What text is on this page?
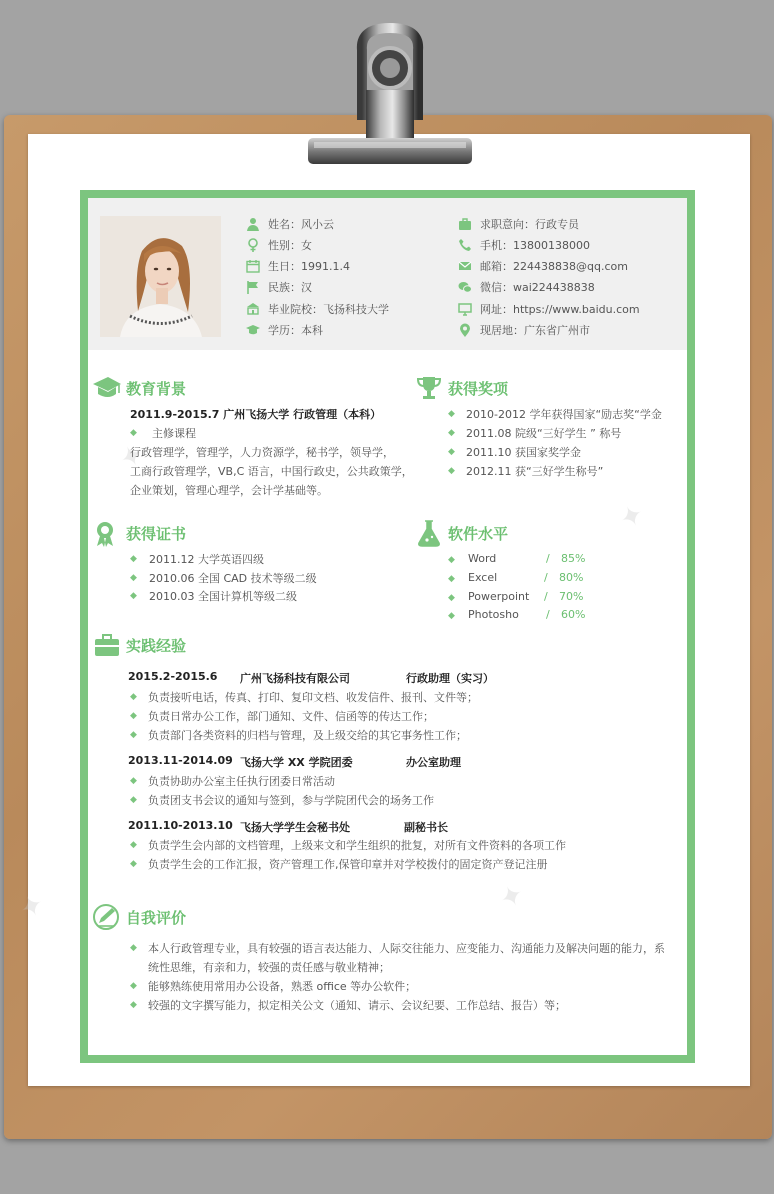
✦
✦
✦	✦
姓名 ：	风小云
性别 ：	女
生日 ：	1991.1.4
民族 ：	汉
毕业院校 ：	飞扬科技大学
学历 ：	本科
求职意向 ：	行政专员
手机 ：	13800138000
邮箱 ：	224438838@qq.com
微信 ：	wai224438838
网址 ：	https://www.baidu.com
现居地 ：	广东省广州市
教育背景
2011.9-2015.7 广州飞扬大学 行政管理（本科）
◆ 主修课程
行政管理学，管理学，人力资源学，秘书学，领导学，
工商行政管理学，VB,C 语言，中国行政史，公共政策学，
企业策划，管理心理学，会计学基础等。
获得奖项
◆ 2010-2012 学年获得国家“励志奖“学金
◆ 2011.08 院级“三好学生 ” 称号
◆ 2011.10 获国家奖学金
◆ 2012.11 获“三好学生称号”
获得证书
◆ 2011.12 大学英语四级
◆ 2010.06 全国 CAD 技术等级二级
◆ 2010.03 全国计算机等级二级
软件水平
◆ Word	/ 85%
◆ Excel	/ 80%
◆ Powerpoint / 70%
◆ Photosho / 60%
实践经验
2015.2-2015.6 广州飞扬科技有限公司	行政助理（实习）
◆ 负责接听电话，传真、打印、复印文档、收发信件、报刊、文件等；
◆ 负责日常办公工作，部门通知、文件、信函等的传达工作；
◆ 负责部门各类资料的归档与管理，及上级交给的其它事务性工作；
2013.11-2014.09 飞扬大学 XX 学院团委	办公室助理
◆ 负责协助办公室主任执行团委日常活动
◆ 负责团支书会议的通知与签到，参与学院团代会的场务工作
2011.10-2013.10 飞扬大学学生会秘书处	副秘书长
◆ 负责学生会内部的文档管理，上级来文和学生组织的批复，对所有文件资料的各项工作
◆ 负责学生会的工作汇报，资产管理工作,保管印章并对学校拨付的固定资产登记注册
自我评价
◆ 本人行政管理专业，具有较强的语言表达能力、人际交往能力、应变能力、沟通能力及解决问题的能力，系
统性思维，有亲和力，较强的责任感与敬业精神；
◆ 能够熟练使用常用办公设备，熟悉 office 等办公软件；
◆ 较强的文字撰写能力，拟定相关公文（通知、请示、会议纪要、工作总结、报告）等；
